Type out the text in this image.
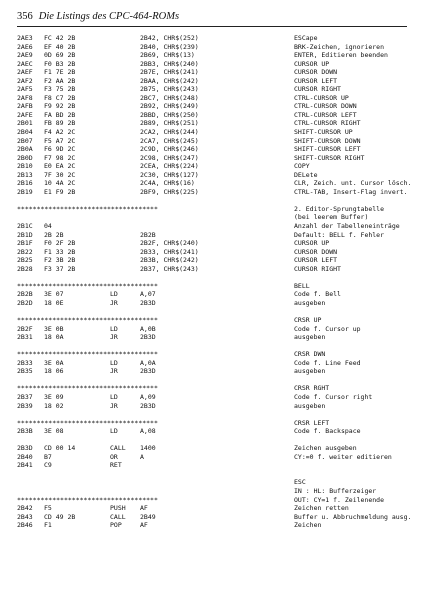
356 Die Listings des CPC-464-ROMs
2AE3 FC 42 2B	2B42, CHR$(252)	ESCape
2AE6 EF 40 2B	2B40, CHR$(239)	BRK-Zeichen, ignorieren
2AE9 0D 69 2B	2B69, CHR$(13)	ENTER, Editieren beenden
2AEC F0 B3 2B	2BB3, CHR$(240)	CURSOR UP
2AEF F1 7E 2B	2B7E, CHR$(241)	CURSOR DOWN
2AF2 F2 AA 2B	2BAA, CHR$(242)	CURSOR LEFT
2AF5 F3 75 2B	2B75, CHR$(243)	CURSOR RIGHT
2AF8 F8 C7 2B	2BC7, CHR$(248)	CTRL-CURSOR UP
2AFB F9 92 2B	2B92, CHR$(249)	CTRL-CURSOR DOWN
2AFE FA BD 2B	2BBD, CHR$(250)	CTRL-CURSOR LEFT
2B01 FB 89 2B	2B89, CHR$(251)	CTRL-CURSOR RIGHT
2B04 F4 A2 2C	2CA2, CHR$(244)	SHIFT-CURSOR UP
2B07 F5 A7 2C	2CA7, CHR$(245)	SHIFT-CURSOR DOWN
2B0A F6 9D 2C	2C9D, CHR$(246)	SHIFT-CURSOR LEFT
2B0D F7 98 2C	2C98, CHR$(247)	SHIFT-CURSOR RIGHT
2B10 E0 EA 2C	2CEA, CHR$(224)	COPY
2B13 7F 30 2C	2C30, CHR$(127)	DELete
2B16 10 4A 2C	2C4A, CHR$(16)	CLR, Zeich. unt. Cursor lösch.
2B19 E1 F9 2B	2BF9, CHR$(225)	CTRL-TAB, Insert-Flag invert.
************************************	2. Editor-Sprungtabelle
(bei leerem Buffer)
2B1C 04	Anzahl der Tabelleneinträge
2B1D 2B 2B	2B2B	Default: BELL f. Fehler
2B1F F0 2F 2B	2B2F, CHR$(240)	CURSOR UP
2B22 F1 33 2B	2B33, CHR$(241)	CURSOR DOWN
2B25 F2 3B 2B	2B3B, CHR$(242)	CURSOR LEFT
2B28 F3 37 2B	2B37, CHR$(243)	CURSOR RIGHT
************************************	BELL
2B2B 3E 07	LD	A,07	Code f. Bell
2B2D 18 0E	JR	2B3D	ausgeben
************************************	CRSR UP
2B2F 3E 0B	LD	A,0B	Code f. Cursor up
2B31 18 0A	JR	2B3D	ausgeben
************************************	CRSR DWN
2B33 3E 0A	LD	A,0A	Code f. Line Feed
2B35 18 06	JR	2B3D	ausgeben
************************************	CRSR RGHT
2B37 3E 09	LD	A,09	Code f. Cursor right
2B39 18 02	JR	2B3D	ausgeben
************************************	CRSR LEFT
2B3B 3E 08	LD	A,08	Code f. Backspace
2B3D CD 00 14	CALL 1400	Zeichen ausgeben
2B40 B7	OR	A	CY:=0 f. weiter editieren
2B41 C9	RET
ESC
IN : HL: Bufferzeiger
************************************	OUT: CY=1 f. Zeilenende
2B42 F5	PUSH AF	Zeichen retten
2B43 CD 49 2B	CALL 2B49	Buffer u. Abbruchmeldung ausg.
2B46 F1	POP	AF	Zeichen
